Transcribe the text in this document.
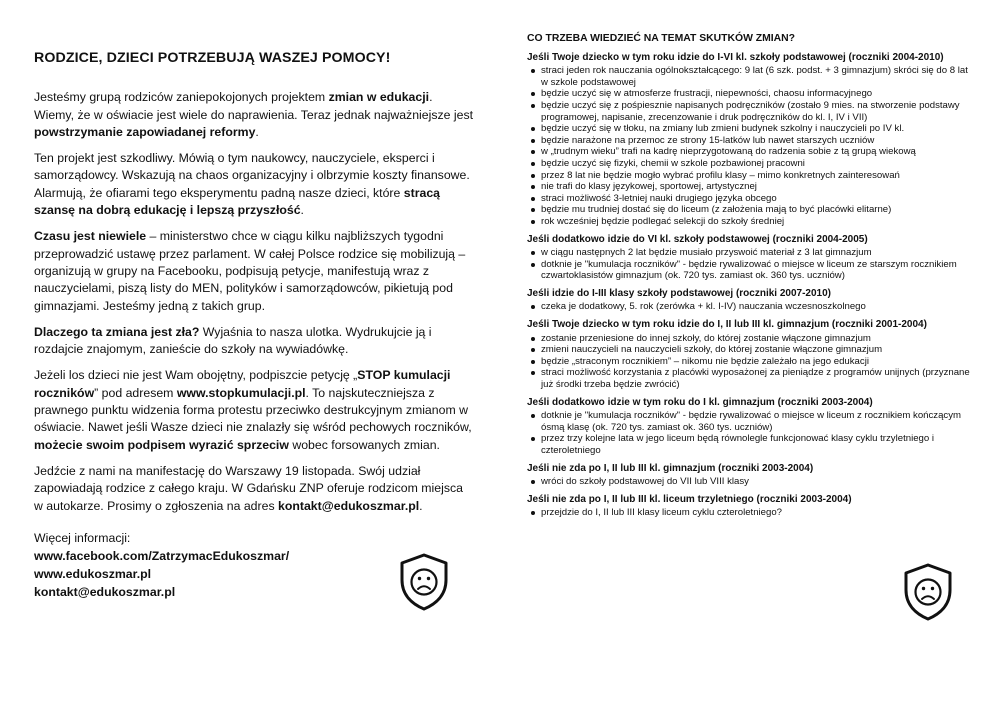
RODZICE, DZIECI POTRZEBUJĄ WASZEJ POMOCY!

Jesteśmy grupą rodziców zaniepokojonych projektem zmian w edukacji. Wiemy, że w oświacie jest wiele do naprawienia. Teraz jednak najważniejsze jest powstrzymanie zapowiadanej reformy.

Ten projekt jest szkodliwy. Mówią o tym naukowcy, nauczyciele, eksperci i samorządowcy. Wskazują na chaos organizacyjny i olbrzymie koszty finansowe. Alarmują, że ofiarami tego eksperymentu padną nasze dzieci, które stracą szansę na dobrą edukację i lepszą przyszłość.

Czasu jest niewiele – ministerstwo chce w ciągu kilku najbliższych tygodni przeprowadzić ustawę przez parlament. W całej Polsce rodzice się mobilizują – organizują w grupy na Facebooku, podpisują petycje, manifestują wraz z nauczycielami, piszą listy do MEN, polityków i samorządowców, pikietują pod gimnazjami. Jesteśmy jedną z takich grup.

Dlaczego ta zmiana jest zła? Wyjaśnia to nasza ulotka. Wydrukujcie ją i rozdajcie znajomym, zanieście do szkoły na wywiadówkę.

Jeżeli los dzieci nie jest Wam obojętny, podpiszcie petycję „STOP kumulacji roczników” pod adresem www.stopkumulacji.pl. To najskuteczniejsza z prawnego punktu widzenia forma protestu przeciwko destrukcyjnym zmianom w oświacie. Nawet jeśli Wasze dzieci nie znalazły się wśród pechowych roczników, możecie swoim podpisem wyrazić sprzeciw wobec forsowanych zmian.

Jedźcie z nami na manifestację do Warszawy 19 listopada. Swój udział zapowiadają rodzice z całego kraju. W Gdańsku ZNP oferuje rodzicom miejsca w autokarze. Prosimy o zgłoszenia na adres kontakt@edukoszmar.pl.

Więcej informacji:
www.facebook.com/ZatrzymacEdukoszmar/
www.edukoszmar.pl
kontakt@edukoszmar.pl
CO TRZEBA WIEDZIEĆ NA TEMAT SKUTKÓW ZMIAN?
Jeśli Twoje dziecko w tym roku idzie do I-VI kl. szkoły podstawowej (roczniki 2004-2010)
straci jeden rok nauczania ogólnokształcącego: 9 lat (6 szk. podst. + 3 gimnazjum) skróci się do 8 lat w szkole podstawowej
będzie uczyć się w atmosferze frustracji, niepewności, chaosu informacyjnego
będzie uczyć się z pośpiesznie napisanych podręczników (zostało 9 mies. na stworzenie podstawy programowej, napisanie, zrecenzowanie i druk podręczników do kl. I, IV i VII)
będzie uczyć się w tłoku, na zmiany lub zmieni budynek szkolny i nauczycieli po IV kl.
będzie narażone na przemoc ze strony 15-latków lub nawet starszych uczniów
w „trudnym wieku” trafi na kadrę nieprzygotowaną do radzenia sobie z tą grupą wiekową
będzie uczyć się fizyki, chemii w szkole pozbawionej pracowni
przez 8 lat nie będzie mogło wybrać profilu klasy – mimo konkretnych zainteresowań
nie trafi do klasy językowej, sportowej, artystycznej
straci możliwość 3-letniej nauki drugiego języka obcego
będzie mu trudniej dostać się do liceum (z założenia mają to być placówki elitarne)
rok wcześniej będzie podlegać selekcji do szkoły średniej
Jeśli dodatkowo idzie do VI kl. szkoły podstawowej (roczniki 2004-2005)
w ciągu następnych 2 lat będzie musiało przyswoić materiał z 3 lat gimnazjum
dotknie je "kumulacja roczników" - będzie rywalizować o miejsce w liceum ze starszym rocznikiem czwartoklasistów gimnazjum (ok. 720 tys. zamiast ok. 360 tys. uczniów)
Jeśli idzie do I-III klasy szkoły podstawowej (roczniki 2007-2010)
czeka je dodatkowy, 5. rok (zerówka + kl. I-IV) nauczania wczesnoszkolnego
Jeśli Twoje dziecko w tym roku idzie do I, II lub III kl. gimnazjum (roczniki 2001-2004)
zostanie przeniesione do innej szkoły, do której zostanie włączone gimnazjum
zmieni nauczycieli na nauczycieli szkoły, do której zostanie włączone gimnazjum
będzie „straconym rocznikiem” – nikomu nie będzie zależało na jego edukacji
straci możliwość korzystania z placówki wyposażonej za pieniądze z programów unijnych (przyznane już środki trzeba będzie zwrócić)
Jeśli dodatkowo idzie w tym roku do I kl. gimnazjum (roczniki 2003-2004)
dotknie je "kumulacja roczników" - będzie rywalizować o miejsce w liceum z rocznikiem kończącym ósmą klasę (ok. 720 tys. zamiast ok. 360 tys. uczniów)
przez trzy kolejne lata w jego liceum będą równolegle funkcjonować klasy cyklu trzyletniego i czteroletniego
Jeśli nie zda po I, II lub III kl. gimnazjum (roczniki 2003-2004)
wróci do szkoły podstawowej do VII lub VIII klasy
Jeśli nie zda po I, II lub III kl. liceum trzyletniego (roczniki 2003-2004)
przejdzie do I, II lub III klasy liceum cyklu czteroletniego?
